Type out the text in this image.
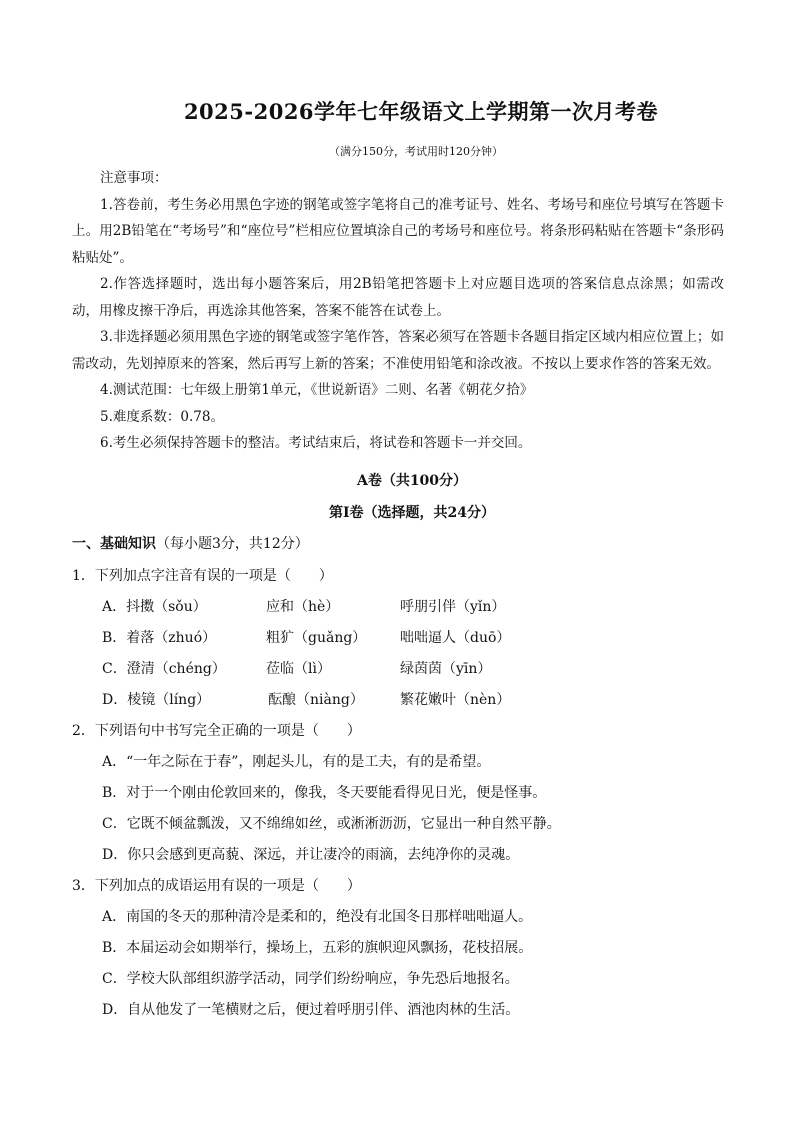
2025-2026学年七年级语文上学期第一次月考卷
（满分150分，考试用时120分钟）

注意事项：

1.答卷前，考生务必用黑色字迹的钢笔或签字笔将自己的准考证号、姓名、考场号和座位号填写在答题卡上。用2B铅笔在“考场号”和“座位号”栏相应位置填涂自己的考场号和座位号。将条形码粘贴在答题卡“条形码粘贴处”。

2.作答选择题时，选出每小题答案后，用2B铅笔把答题卡上对应题目选项的答案信息点涂黑；如需改动，用橡皮擦干净后，再选涂其他答案，答案不能答在试卷上。

3.非选择题必须用黑色字迹的钢笔或签字笔作答，答案必须写在答题卡各题目指定区域内相应位置上；如需改动，先划掉原来的答案，然后再写上新的答案；不准使用铅笔和涂改液。不按以上要求作答的答案无效。

4.测试范围：七年级上册第1单元，《世说新语》二则、名著《朝花夕拾》

5.难度系数：0.78。

6.考生必须保持答题卡的整洁。考试结束后，将试卷和答题卡一并交回。

A卷（共100分）
第Ⅰ卷（选择题，共24分）
一、基础知识（每小题3分，共12分）
1．下列加点字注音有误的一项是（　　）
A．抖擞（sǒu）	应和（hè）	呼朋引伴（yǐn）
B．着落（zhuó）	粗犷（guǎng） 咄咄逼人（duō）
C．澄清（chéng）	莅临（lì）	绿茵茵（yīn）
D．棱镜（líng）	酝酿（niàng）	繁花嫩叶（nèn）
2．下列语句中书写完全正确的一项是（　　）
A．“一年之际在于春”，刚起头儿，有的是工夫，有的是希望。
B．对于一个刚由伦敦回来的，像我，冬天要能看得见日光，便是怪事。
C．它既不倾盆瓢泼，又不绵绵如丝，或淅淅沥沥，它显出一种自然平静。
D．你只会感到更高藐、深远，并让凄冷的雨滴，去纯净你的灵魂。
3．下列加点的成语运用有误的一项是（　　）
A．南国的冬天的那种清冷是柔和的，绝没有北国冬日那样咄咄逼人。
B．本届运动会如期举行，操场上，五彩的旗帜迎风飘扬，花枝招展。
C．学校大队部组织游学活动，同学们纷纷响应，争先恐后地报名。
D．自从他发了一笔横财之后，便过着呼朋引伴、酒池肉林的生活。
